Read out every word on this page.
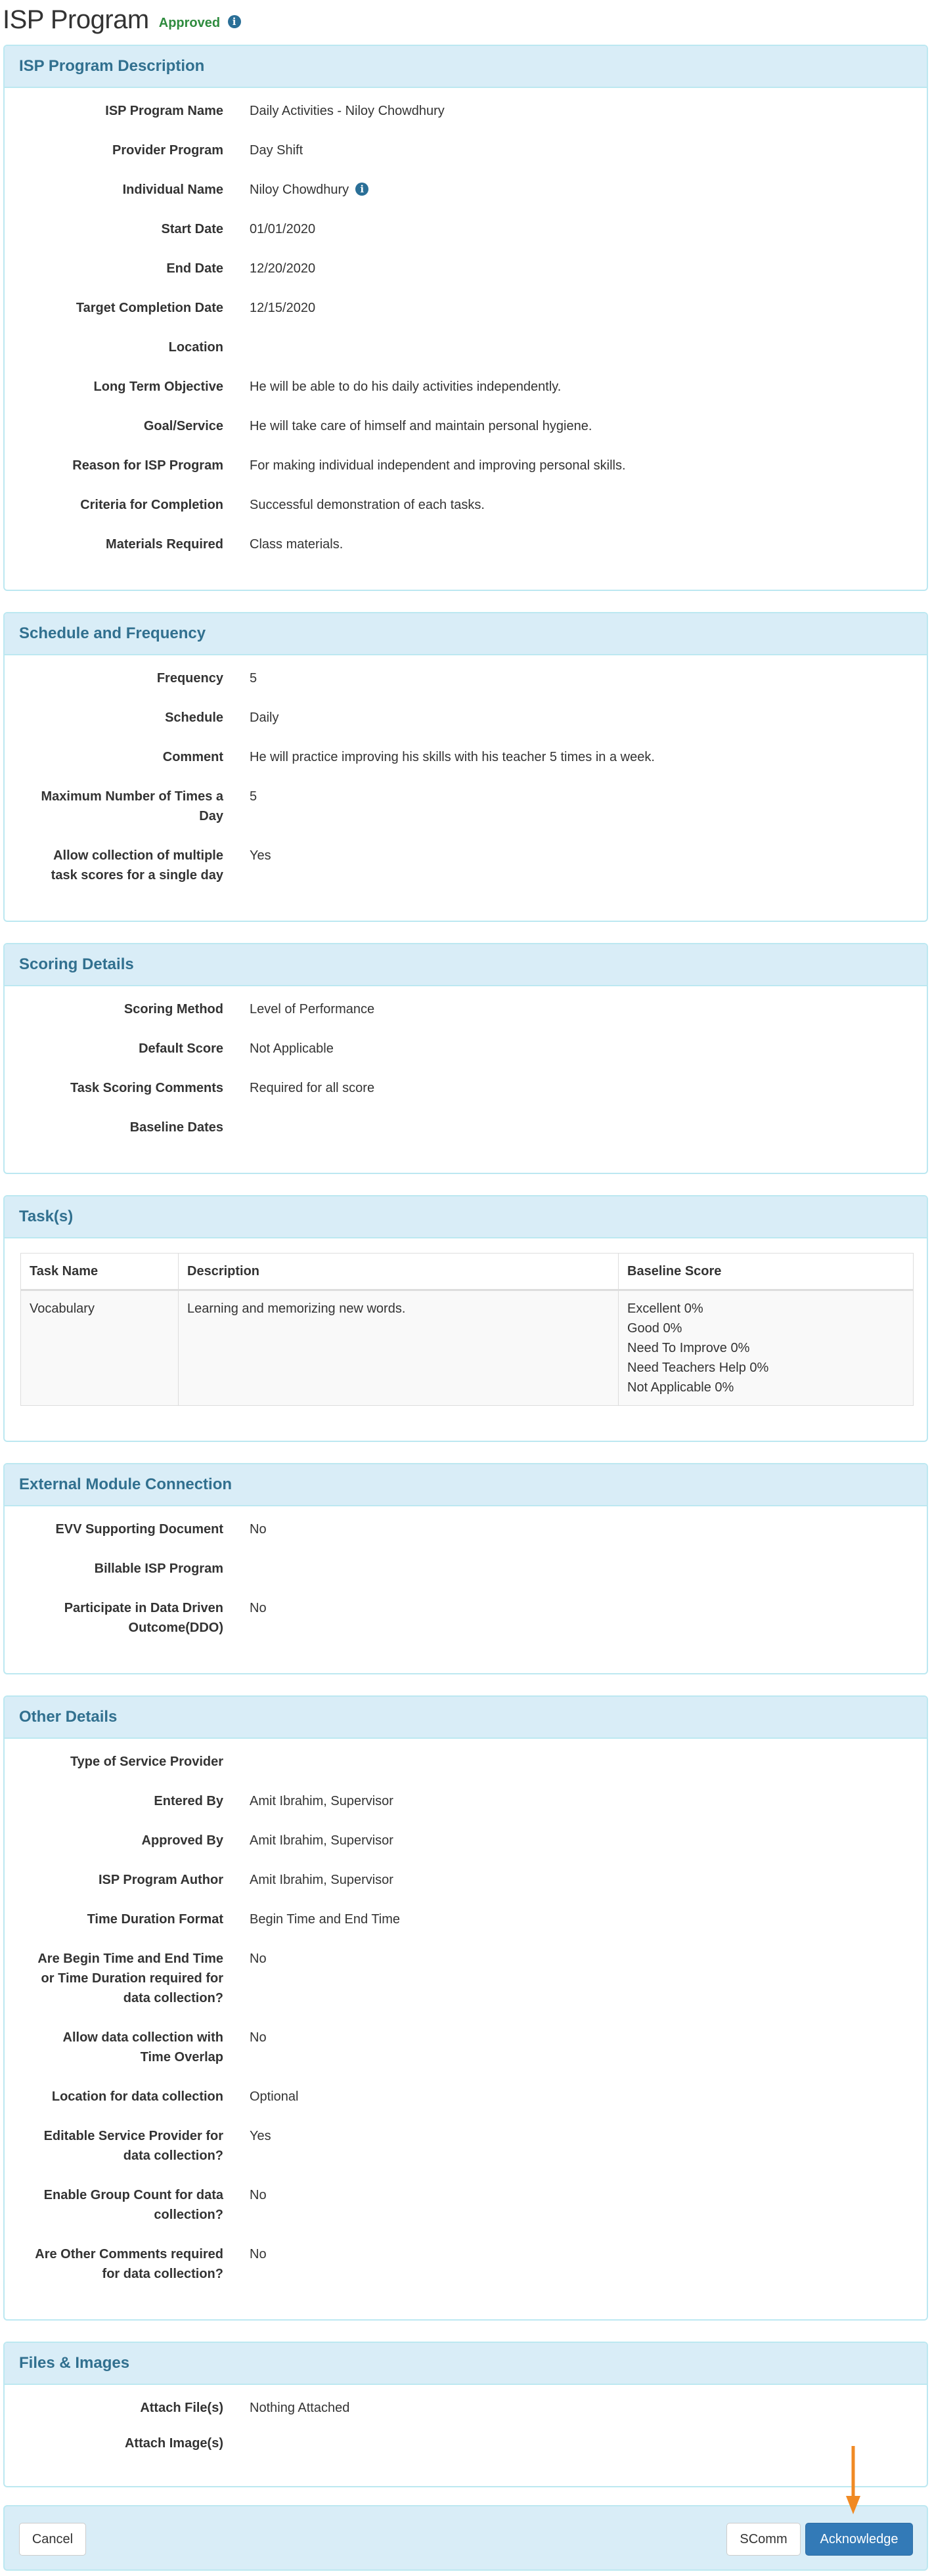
ISP Program Approved i
ISP Program Description
ISP Program Name Daily Activities - Niloy Chowdhury
Provider Program Day Shift
Individual Name Niloy Chowdhury i
Start Date 01/01/2020
End Date 12/20/2020
Target Completion Date 12/15/2020
Location
Long Term Objective He will be able to do his daily activities independently.
Goal/Service He will take care of himself and maintain personal hygiene.
Reason for ISP Program For making individual independent and improving personal skills.
Criteria for Completion Successful demonstration of each tasks.
Materials Required Class materials.
Schedule and Frequency
Frequency 5
Schedule Daily
Comment He will practice improving his skills with his teacher 5 times in a week.
Maximum Number of Times a
Day
5
Allow collection of multiple
task scores for a single day
Yes
Scoring Details
Scoring Method Level of Performance
Default Score Not Applicable
Task Scoring Comments Required for all score
Baseline Dates
Task(s)
Task Name	Description	Baseline Score
Vocabulary	Learning and memorizing new words.	Excellent 0%
Good 0%
Need To Improve 0%
Need Teachers Help 0%
Not Applicable 0%
External Module Connection
EVV Supporting Document No
Billable ISP Program
Participate in Data Driven
Outcome(DDO)
No
Other Details
Type of Service Provider
Entered By Amit Ibrahim, Supervisor
Approved By Amit Ibrahim, Supervisor
ISP Program Author Amit Ibrahim, Supervisor
Time Duration Format Begin Time and End Time
Are Begin Time and End Time
or Time Duration required for
data collection?
No
Allow data collection with
Time Overlap
No
Location for data collection Optional
Editable Service Provider for
data collection?
Yes
Enable Group Count for data
collection?
No
Are Other Comments required
for data collection?
No
Files & Images
Attach File(s) Nothing Attached
Attach Image(s)
Cancel	SComm	Acknowledge
